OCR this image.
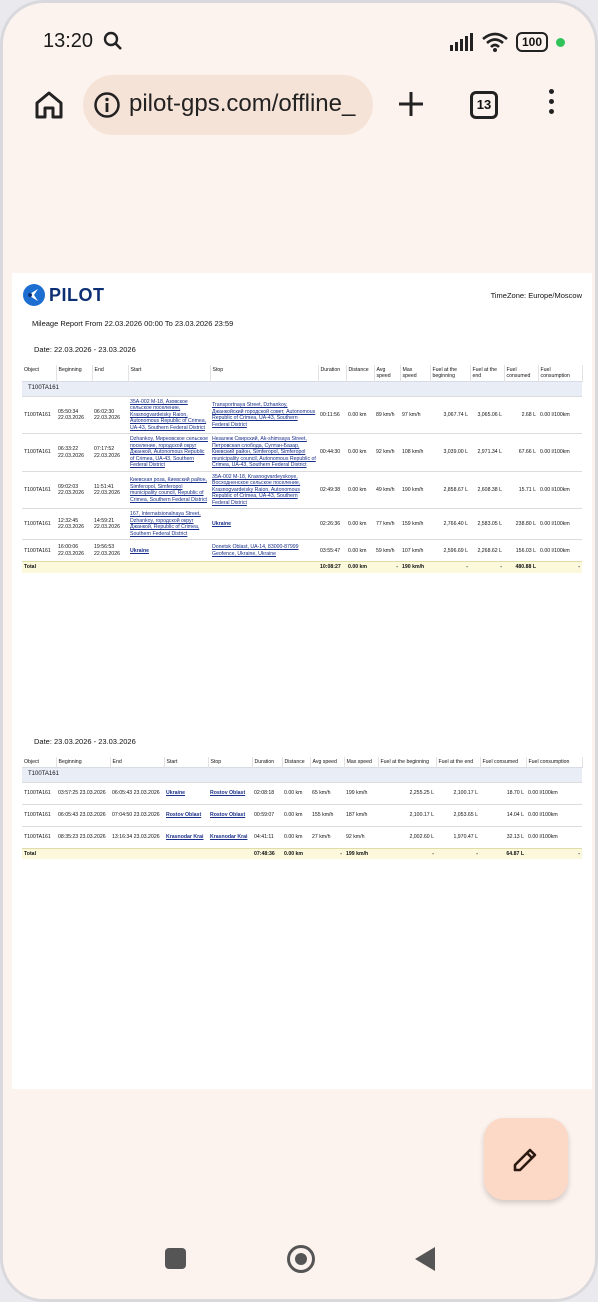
13:20	100
pilot-gps.com/offline_	13
PILOT	TimeZone: Europe/Moscow
Mileage Report From 22.03.2026 00:00 To 23.03.2026 23:59
Date: 22.03.2026 - 23.03.2026
Object	Beginning	End	Start	Stop	Duration	Distance	Avg speed	Max speed	Fuel at the beginning	Fuel at the end	Fuel consumed	Fuel consumption
T100TA161												
T100TA161	05:50:34 22.03.2026	06:02:30 22.03.2026	35А-002 М-18, Азовское сельское поселение, Krasnogvardeisky Raion, Autonomous Republic of Crimea, UA-43, Southern Federal District	Transportnaya Street, Dzhankoy, Джанкойский городской совет, Autonomous Republic of Crimea, UA-43, Southern Federal District	00:11:56	0.00 km	89 km/h	97 km/h	3,067.74 L	3,065.06 L	2.68 L	0.00 l/100km
T100TA161	06:33:22 22.03.2026	07:17:52 22.03.2026	Dzhankoy, Мирновское сельское поселение, городской округ Джанкой, Autonomous Republic of Crimea, UA-43, Southern Federal District	Незалеж Свирский, Ak-shimsaya Street, Петровская слобода, Султан-Базар, Киевский район, Simferopol, Simferopol municipality council, Autonomous Republic of Crimea, UA-43, Southern Federal District	00:44:30	0.00 km	92 km/h	108 km/h	3,039.00 L	2,971.34 L	67.66 L	0.00 l/100km
T100TA161	09:02:03 22.03.2026	11:51:41 22.03.2026	Киевская роза, Киевский район, Simferopol, Simferopol municipality council, Republic of Crimea, Southern Federal District	35А-002 М-18, Krasnogvardeyskoye, Восходненское сельское поселение, Krasnogvardeisky Raion, Autonomous Republic of Crimea, UA-43, Southern Federal District	02:49:38	0.00 km	49 km/h	190 km/h	2,858.67 L	2,608.38 L	15.71 L	0.00 l/100km
T100TA161	12:32:45 22.03.2026	14:59:21 22.03.2026	167, Internatsionalnaya Street, Dzhankoy, городской округ Джанкой, Republic of Crimea, Southern Federal District	Ukraine	02:26:36	0.00 km	77 km/h	159 km/h	2,766.40 L	2,583.05 L	238.80 L	0.00 l/100km
T100TA161	16:00:06 22.03.2026	19:56:53 22.03.2026	Ukraine	Donetsk Oblast, UA-14, 83000-87999 Geofence, Ukraine, Ukraine	03:55:47	0.00 km	59 km/h	107 km/h	2,596.69 L	2,268.62 L	156.03 L	0.00 l/100km
Total					10:08:27	0.00 km	-	190 km/h	-	-	480.88 L	-
Date: 23.03.2026 - 23.03.2026
Object	Beginning	End	Start	Stop	Duration	Distance	Avg speed	Max speed	Fuel at the beginning	Fuel at the end	Fuel consumed	Fuel consumption
T100TA161												
T100TA161	03:57:25 23.03.2026	06:05:43 23.03.2026	Ukraine	Rostov Oblast	02:08:18	0.00 km	65 km/h	199 km/h	2,255.25 L	2,100.17 L	18.70 L	0.00 l/100km
T100TA161	06:05:43 23.03.2026	07:04:50 23.03.2026	Rostov Oblast	Rostov Oblast	00:59:07	0.00 km	155 km/h	187 km/h	2,100.17 L	2,053.65 L	14.04 L	0.00 l/100km
T100TA161	08:35:23 23.03.2026	13:16:34 23.03.2026	Krasnodar Krai	Krasnodar Krai	04:41:11	0.00 km	27 km/h	92 km/h	2,002.60 L	1,970.47 L	32.13 L	0.00 l/100km
Total					07:48:36	0.00 km	-	199 km/h	-	-	64.87 L	-
